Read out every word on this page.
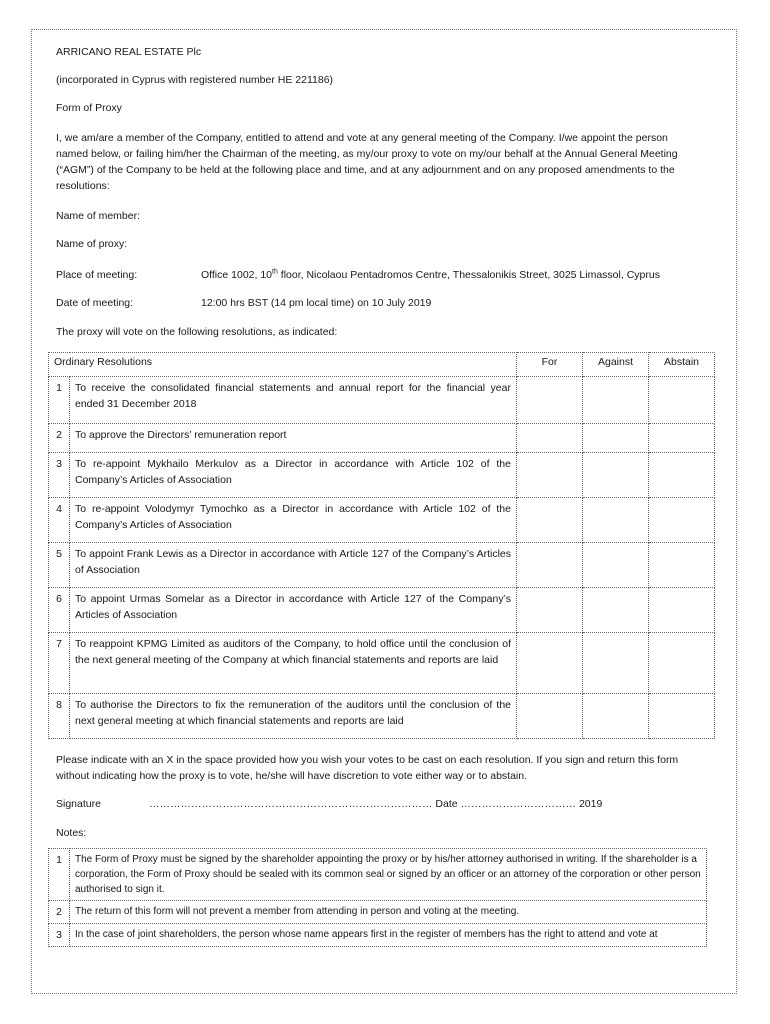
ARRICANO REAL ESTATE Plc
(incorporated in Cyprus with registered number HE 221186)
Form of Proxy
I, we am/are a member of the Company, entitled to attend and vote at any general meeting of the Company. I/we appoint the person named below, or failing him/her the Chairman of the meeting, as my/our proxy to vote on my/our behalf at the Annual General Meeting (“AGM”) of the Company to be held at the following place and time, and at any adjournment and on any proposed amendments to the resolutions:
Name of member:
Name of proxy:
Place of meeting:	Office 1002, 10th floor, Nicolaou Pentadromos Centre, Thessalonikis Street, 3025 Limassol, Cyprus
Date of meeting:	12:00 hrs BST (14 pm local time) on 10 July 2019
The proxy will vote on the following resolutions, as indicated:
Ordinary Resolutions		For	Against	Abstain
1	To receive the consolidated financial statements and annual report for the financial year ended 31 December 2018			
2	To approve the Directors’ remuneration report			
3	To re-appoint Mykhailo Merkulov as a Director in accordance with Article 102 of the Company’s Articles of Association			
4	To re-appoint Volodymyr Tymochko as a Director in accordance with Article 102 of the Company’s Articles of Association			
5	To appoint Frank Lewis as a Director in accordance with Article 127 of the Company’s Articles of Association			
6	To appoint Urmas Somelar as a Director in accordance with Article 127 of the Company’s Articles of Association			
7	To reappoint KPMG Limited as auditors of the Company, to hold office until the conclusion of the next general meeting of the Company at which financial statements and reports are laid			
8	To authorise the Directors to fix the remuneration of the auditors until the conclusion of the next general meeting at which financial statements and reports are laid			
Please indicate with an X in the space provided how you wish your votes to be cast on each resolution. If you sign and return this form without indicating how the proxy is to vote, he/she will have discretion to vote either way or to abstain.
Signature	……………………………………………………………………… Date …………………………… 2019
Notes:
1	The Form of Proxy must be signed by the shareholder appointing the proxy or by his/her attorney authorised in writing. If the shareholder is a corporation, the Form of Proxy should be sealed with its common seal or signed by an officer or an attorney of the corporation or other person authorised to sign it.
2	The return of this form will not prevent a member from attending in person and voting at the meeting.
3	In the case of joint shareholders, the person whose name appears first in the register of members has the right to attend and vote at
